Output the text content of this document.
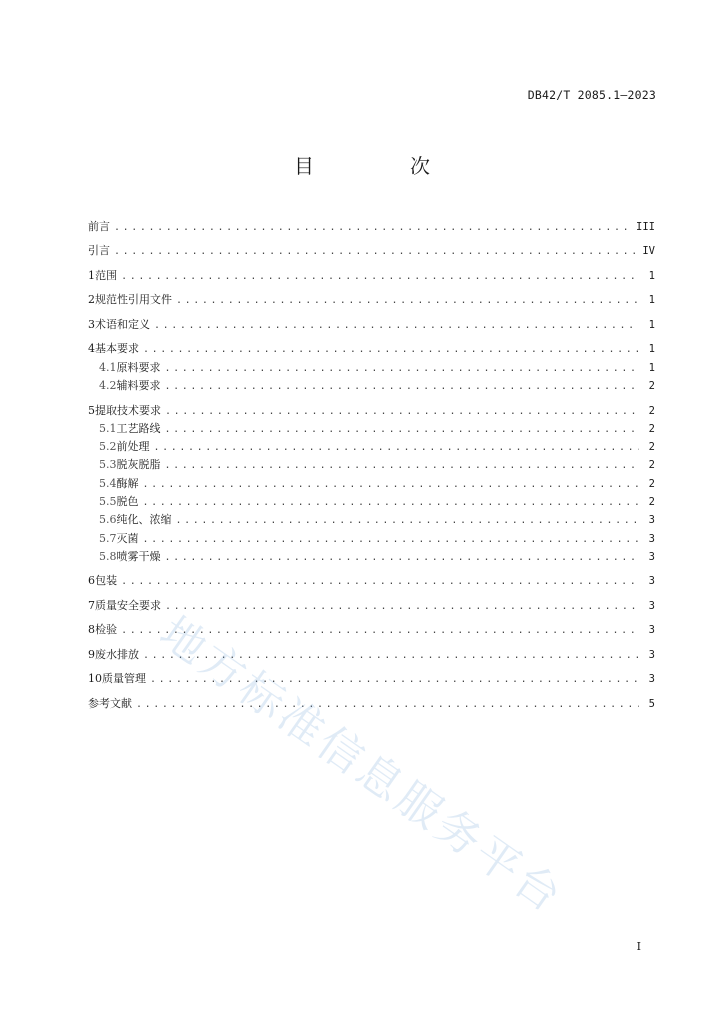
DB42/T 2085.1—2023
目　次
前言 .....	III
引言 .....	IV
1 范围 .....	1
2 规范性引用文件 .....	1
3 术语和定义 .....	1
4 基本要求 .....	1
4.1 原料要求 .....	1
4.2 辅料要求 .....	2
5 提取技术要求 .....	2
5.1 工艺路线 .....	2
5.2 前处理 .....	2
5.3 脱灰脱脂 .....	2
5.4 酶解 .....	2
5.5 脱色 .....	2
5.6 纯化、浓缩 .....	3
5.7 灭菌 .....	3
5.8 喷雾干燥 .....	3
6 包装 .....	3
7 质量安全要求 .....	3
8 检验 .....	3
9 废水排放 .....	3
10 质量管理 .....	3
参考文献 .....	5
地方标准信息服务平台
I
